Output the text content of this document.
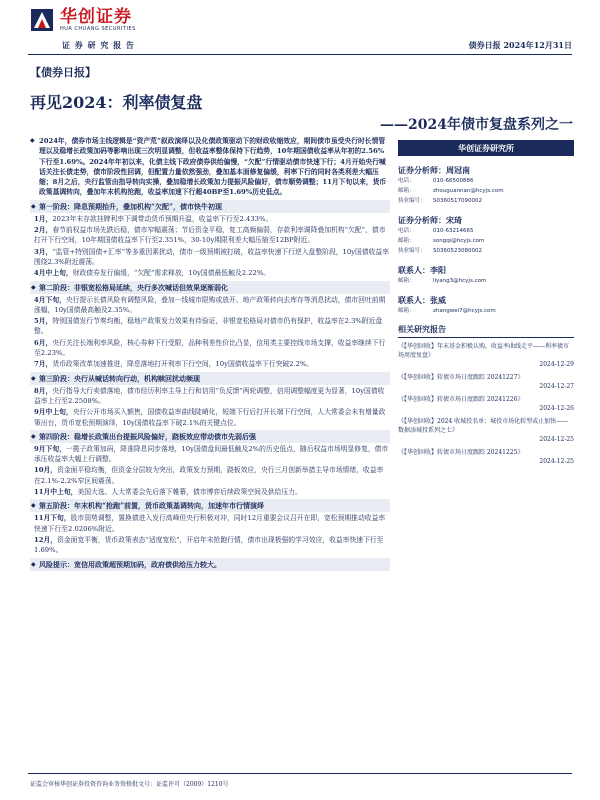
华创证券
HUA CHUANG SECURITIES
证 券 研 究 报 告	债券日报 2024年12月31日
【债券日报】
再见2024：利率债复盘
——2024年债市复盘系列之一
◆ 2024年，债券市场主线逻辑是“资产荒”叙政演绎以及化债政策驱动下的财政收缩效应，期间债市虽受央行时长情管理以及稳增长政策加码等影响出现三次明显调整，但收益率整体保持下行趋势，10年期国债收益率从年初的2.56%下行至1.69%。2024年年初以来，化债主线下政府债券供给偏慢，“欠配”行情驱动债市快速下行；4月开始央行喊话关注长债走势，债市阶段性回调，但配置力量依然强劲，叠加基本面修复偏缓，利率下行的同时各类利差大幅压缩；8月之后，央行监管由指导转向实操，叠加稳增长政策加力提振风险偏好，债市顺势调整；11月下旬以来，货币政策基调转向，叠加年末机构抢跑，收益率加速下行超40BP至1.69%历史低点。
◆ 第一阶段：降息预期抬升，叠加机构“欠配”，债市快牛初现
1月，2023年末存款挂牌利率下调带动货币预期升温，收益率下行至2.433%。
2月，春节前权益市场先跌后稳，债市窄幅震荡；节后资金平稳，复工高频偏弱，存款利率调降叠加机构“欠配”，债市打开下行空间，10年期国债收益率下行至2.351%，30-10y期限利差大幅压缩至12BP附近。
3月，“监管+特别国债+汇率”等多重因素扰动，债市一级预期被打破，收益率快速下行逆入盘整阶段，10y国债收益率围绕2.3%附近震荡。
4月中上旬，财政债券发行偏缓，“欠配”需求释放，10y国债最低触及2.22%。
◆ 第二阶段：非银宽松格局延续，央行多次喊话但效果逐渐弱化
4月下旬，央行提示长债风险有调整风险，叠加一线城市限购或放开、地产政策转向去库存等消息扰动，债市回吐前期涨幅，10y国债最高触及2.35%。
5月，特别国债发行节奏均衡，稳地产政策发力效果有待验证，非银宽松格局对债市仍有保护，收益率在2.3%附近盘整。
6月，央行关注长端利率风险，核心券种下行受限，品种利差性价比凸显，信用类主要控线市场支撑，收益率继续下行至2.23%。
7月，货币政策改革加速推进，降息落地打开利率下行空间，10y国债收益率下行突破2.2%。
◆ 第三阶段：央行从喊话转向行动，机构赎回扰动频现
8月，央行指导大行卖债落地，债市经历利率主导上行和信用“负反馈”两轮调整，信用调整幅度更为显著，10y国债收益率上行至2.2508%。
9月中上旬，央行公开市场买入额售，国债收益率曲线陡峭化，短端下行后打开长端下行空间，人大常委会未有增量政策出台，货币宽松预期演绎，10y国债收益率下破2.1%的关键点位。
◆ 第四阶段：稳增长政策出台提振风险偏好，跷板效应带动债市先弱后强
9月下旬，一揽子政策加码，降准降息同步落地，10y国债盘间最低触及2%的历史低点，随后权益市场明显修复，债市承压收益率大幅上行调整。
10月，资金面平稳均衡，但资金分层较为突出，政策发力预期，跷板效应，央行三月创新举措主导市场情绪，收益率在2.1%-2.2%窄区间震荡。
11月中上旬，美国大选、人大常委会先后落下帷幕，债市博弈后续政策空间及供给压力。
◆ 第五阶段：年末机构“抢跑”前置，货币政策基调转向，加速年市行情演绎
11月下旬，股市弱势调整，置换债进入发行高峰但央行积极对冲，同时12月重要会议召开在即，宽松预期推动收益率快速下行至2.0206%附近。
12月，资金面宽平衡，货币政策表态“适度宽松”，开启年末抢跑行情，债市出现极强的学习效应，收益率快速下行至1.69%。
◆ 风险提示：宽信用政策超预期加码，政府债供给压力较大。
华创证券研究所
证券分析师：周冠南
电话：	010-66500886
邮箱：	zhouguannan@hcyjs.com
执业编号：	S0360517090002
证券分析师：宋琦
电话：	010-63214665
邮箱：	songqi@hcyjs.com
执业编号：	S0360523080002
联系人：李阳
邮箱：	liyang3@hcyjs.com
联系人：张威
邮箱：	zhangwei7@hcyjs.com
相关研究报告
《【华创固收】年末基金积极认购，收益率曲线走平——利率债市场周度复盘》
2024-12-29
《【华创固收】转债市场日度跟踪 20241227》
2024-12-27
《【华创固收】转债市场日度跟踪 20241226》
2024-12-26
《【华创固收】2024 收城投名单：城投市场化转型或止加快——数据添城投系列之七》
2024-12-25
《【华创固收】转债市场日度跟踪 20241225》
2024-12-25
证监会审核华创证券投资咨询业务资格批文号：证监许可（2009）1210号
